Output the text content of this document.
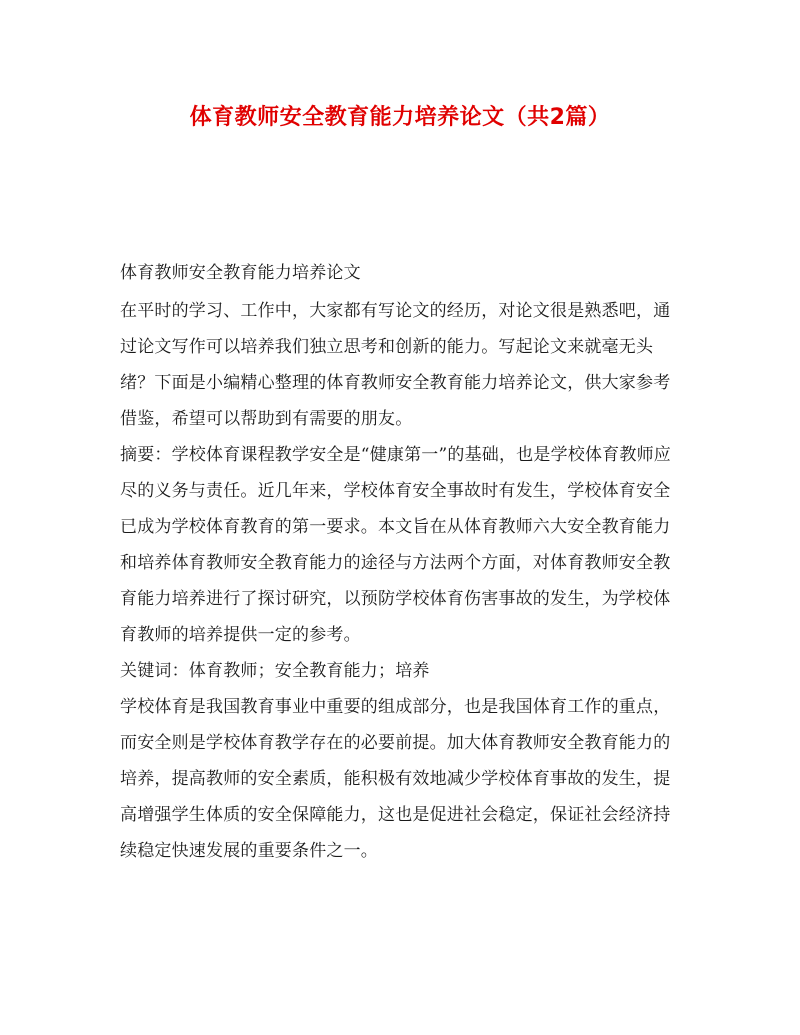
体育教师安全教育能力培养论文（共2篇）

体育教师安全教育能力培养论文

在平时的学习、工作中，大家都有写论文的经历，对论文很是熟悉吧，通过论文写作可以培养我们独立思考和创新的能力。写起论文来就毫无头绪？下面是小编精心整理的体育教师安全教育能力培养论文，供大家参考借鉴，希望可以帮助到有需要的朋友。

摘要：学校体育课程教学安全是“健康第一”的基础，也是学校体育教师应尽的义务与责任。近几年来，学校体育安全事故时有发生，学校体育安全已成为学校体育教育的第一要求。本文旨在从体育教师六大安全教育能力和培养体育教师安全教育能力的途径与方法两个方面，对体育教师安全教育能力培养进行了探讨研究，以预防学校体育伤害事故的发生，为学校体育教师的培养提供一定的参考。

关键词：体育教师；安全教育能力；培养

学校体育是我国教育事业中重要的组成部分，也是我国体育工作的重点，而安全则是学校体育教学存在的必要前提。加大体育教师安全教育能力的培养，提高教师的安全素质，能积极有效地减少学校体育事故的发生，提高增强学生体质的安全保障能力，这也是促进社会稳定，保证社会经济持续稳定快速发展的重要条件之一。
